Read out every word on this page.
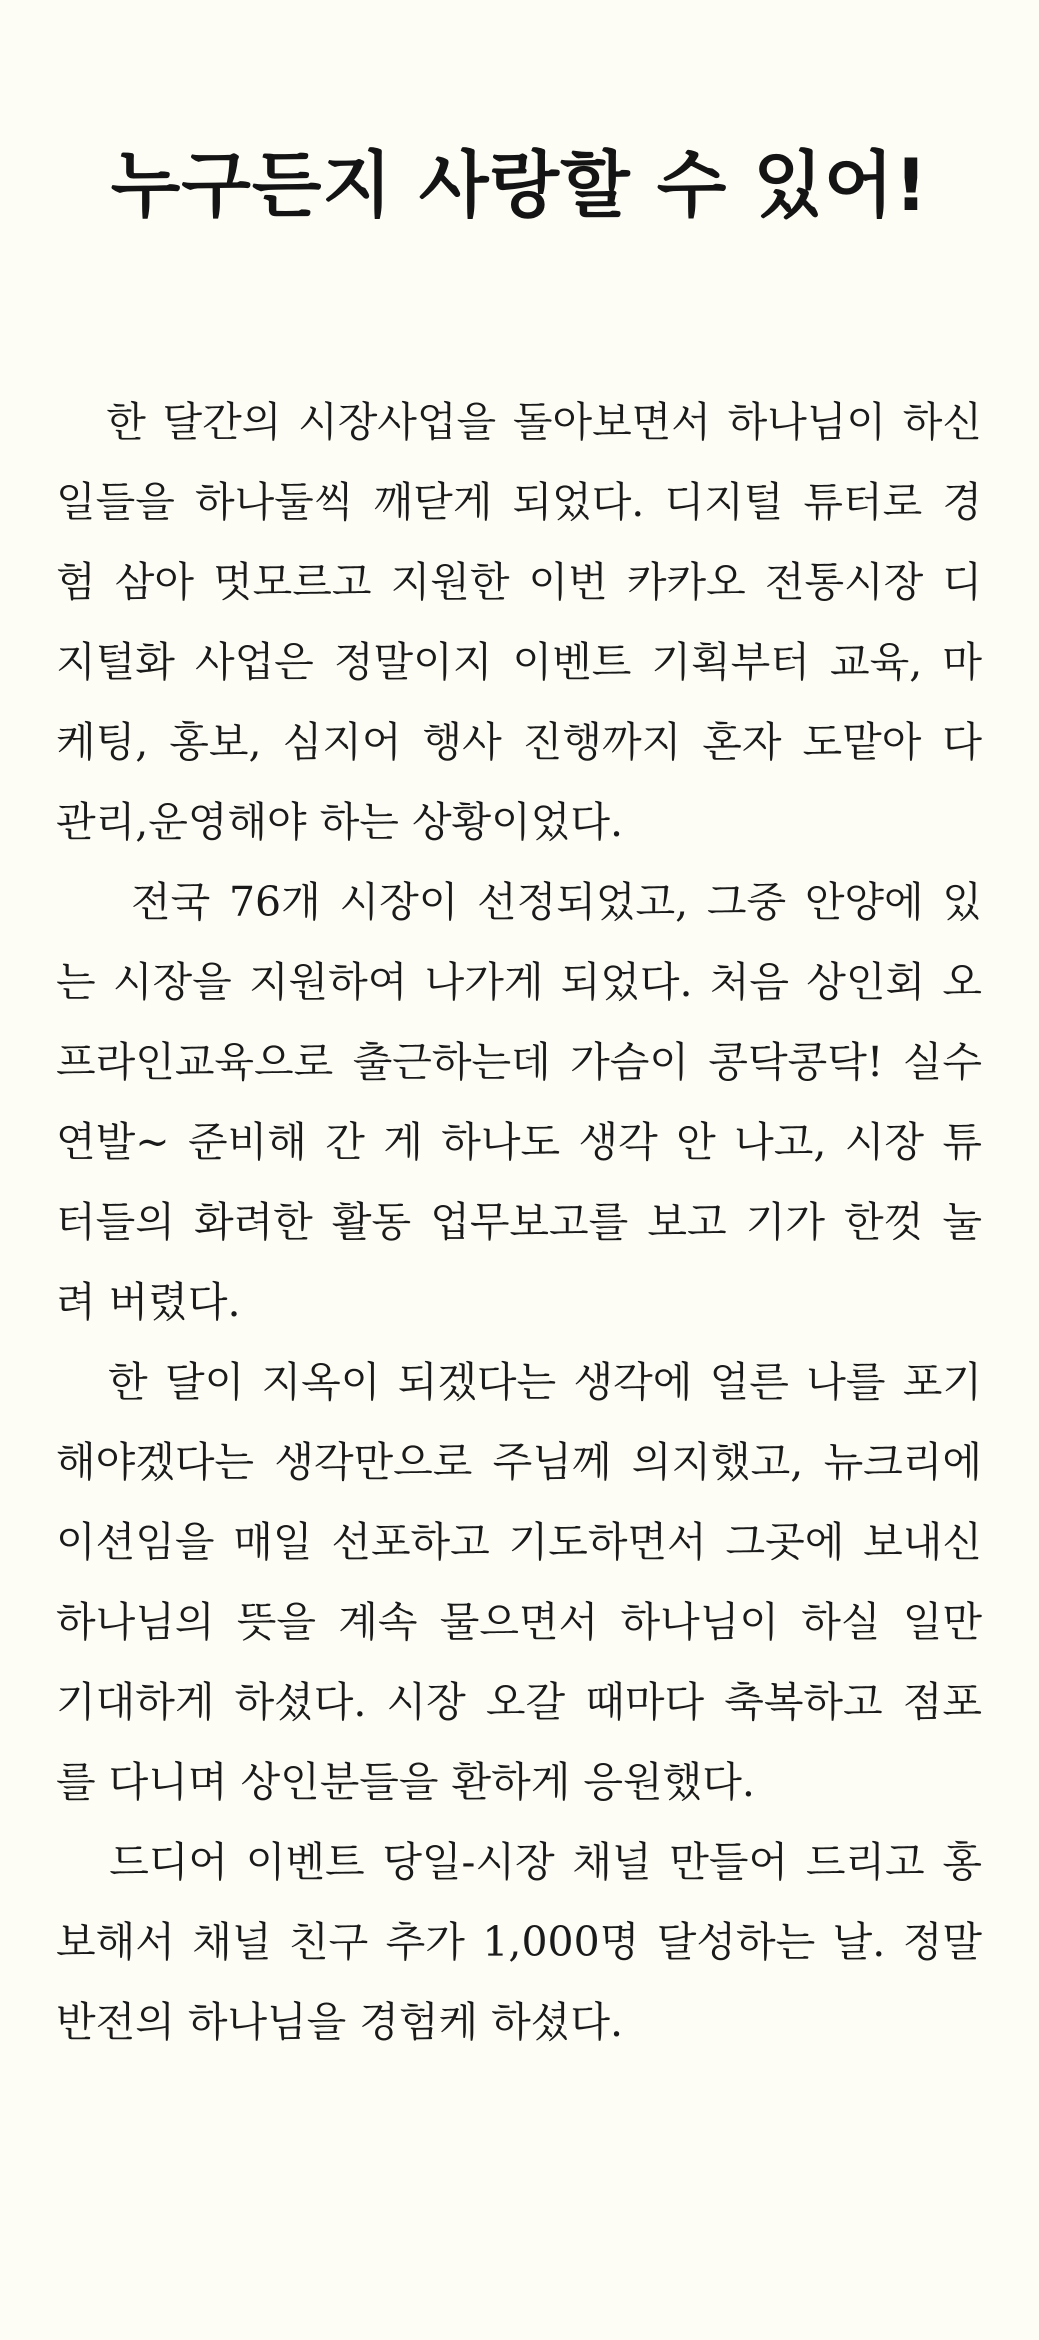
누구든지 사랑할 수 있어!

한 달간의 시장사업을 돌아보면서 하나님이 하신
일들을 하나둘씩 깨닫게 되었다. 디지털 튜터로 경
험 삼아 멋모르고 지원한 이번 카카오 전통시장 디
지털화 사업은 정말이지 이벤트 기획부터 교육, 마
케팅, 홍보, 심지어 행사 진행까지 혼자 도맡아 다
관리,운영해야 하는 상황이었다.

전국 76개 시장이 선정되었고, 그중 안양에 있
는 시장을 지원하여 나가게 되었다. 처음 상인회 오
프라인교육으로 출근하는데 가슴이 콩닥콩닥! 실수
연발~ 준비해 간 게 하나도 생각 안 나고, 시장 튜
터들의 화려한 활동 업무보고를 보고 기가 한껏 눌
려 버렸다.

한 달이 지옥이 되겠다는 생각에 얼른 나를 포기
해야겠다는 생각만으로 주님께 의지했고, 뉴크리에
이션임을 매일 선포하고 기도하면서 그곳에 보내신
하나님의 뜻을 계속 물으면서 하나님이 하실 일만
기대하게 하셨다. 시장 오갈 때마다 축복하고 점포
를 다니며 상인분들을 환하게 응원했다.

드디어 이벤트 당일-시장 채널 만들어 드리고 홍
보해서 채널 친구 추가 1,000명 달성하는 날. 정말
반전의 하나님을 경험케 하셨다.
